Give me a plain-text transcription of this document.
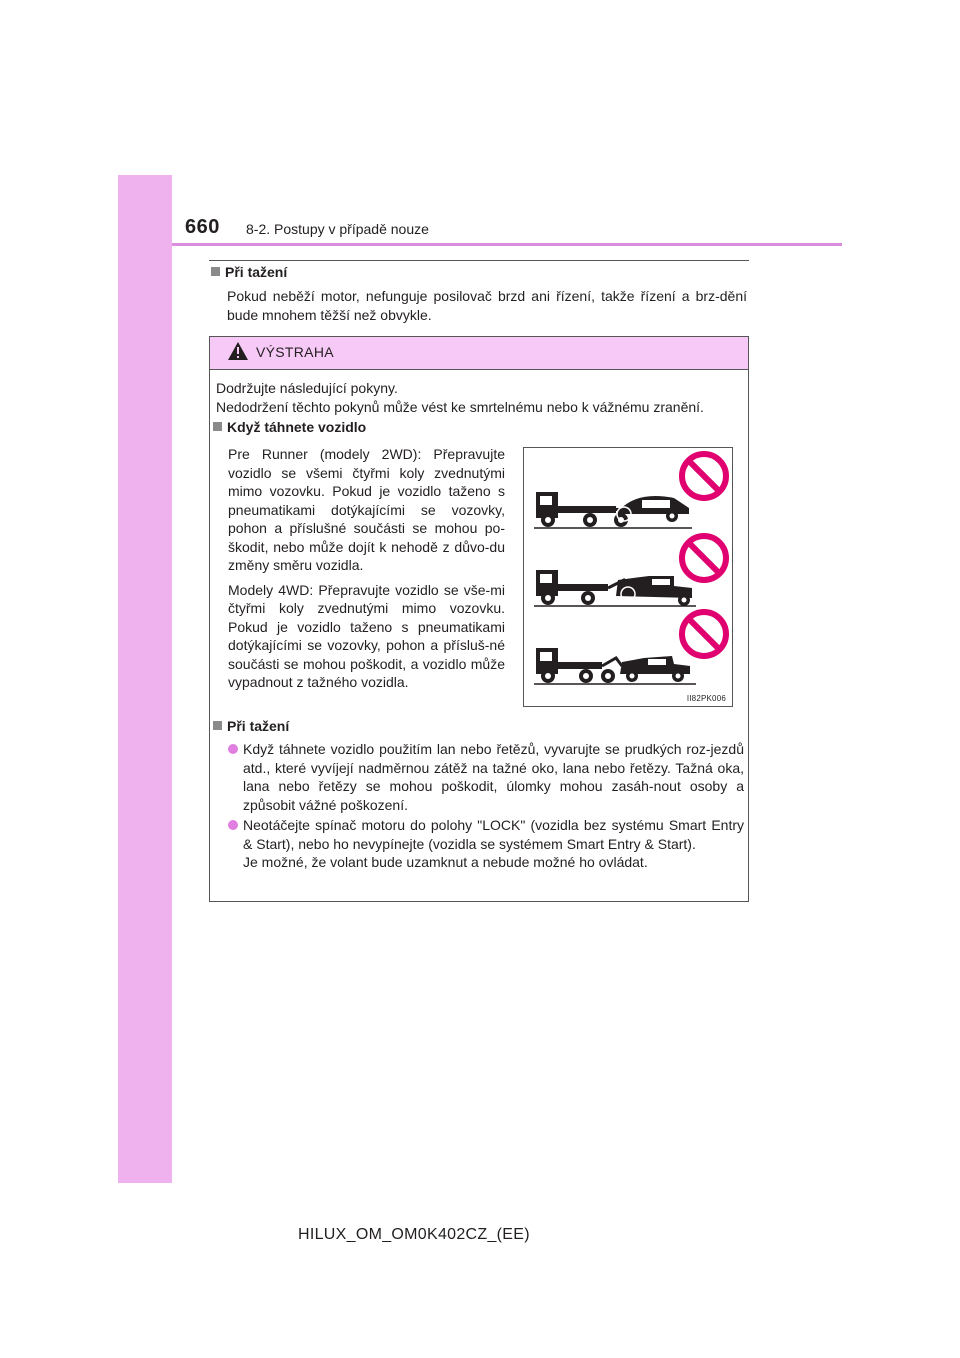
660 8-2. Postupy v případě nouze
Při tažení
Pokud neběží motor, nefunguje posilovač brzd ani řízení, takže řízení a brz-dění bude mnohem těžší než obvykle.
VÝSTRAHA
Dodržujte následující pokyny.
Nedodržení těchto pokynů může vést ke smrtelnému nebo k vážnému zranění.
Když táhnete vozidlo

Pre Runner (modely 2WD): Přepravujte vozidlo se všemi čtyřmi koly zvednutými mimo vozovku. Pokud je vozidlo taženo s pneumatikami dotýkajícími se vozovky, pohon a příslušné součásti se mohou po-škodit, nebo může dojít k nehodě z důvo-du změny směru vozidla.

Modely 4WD: Přepravujte vozidlo se vše-mi čtyřmi koly zvednutými mimo vozovku. Pokud je vozidlo taženo s pneumatikami dotýkajícími se vozovky, pohon a přísluš-né součásti se mohou poškodit, a vozidlo může vypadnout z tažného vozidla.

II82PK006
Při tažení
Když táhnete vozidlo použitím lan nebo řetězů, vyvarujte se prudkých roz-jezdů atd., které vyvíjejí nadměrnou zátěž na tažné oko, lana nebo řetězy. Tažná oka, lana nebo řetězy se mohou poškodit, úlomky mohou zasáh-nout osoby a způsobit vážné poškození.
Neotáčejte spínač motoru do polohy "LOCK" (vozidla bez systému Smart Entry & Start), nebo ho nevypínejte (vozidla se systémem Smart Entry & Start).
Je možné, že volant bude uzamknut a nebude možné ho ovládat.
HILUX_OM_OM0K402CZ_(EE)
